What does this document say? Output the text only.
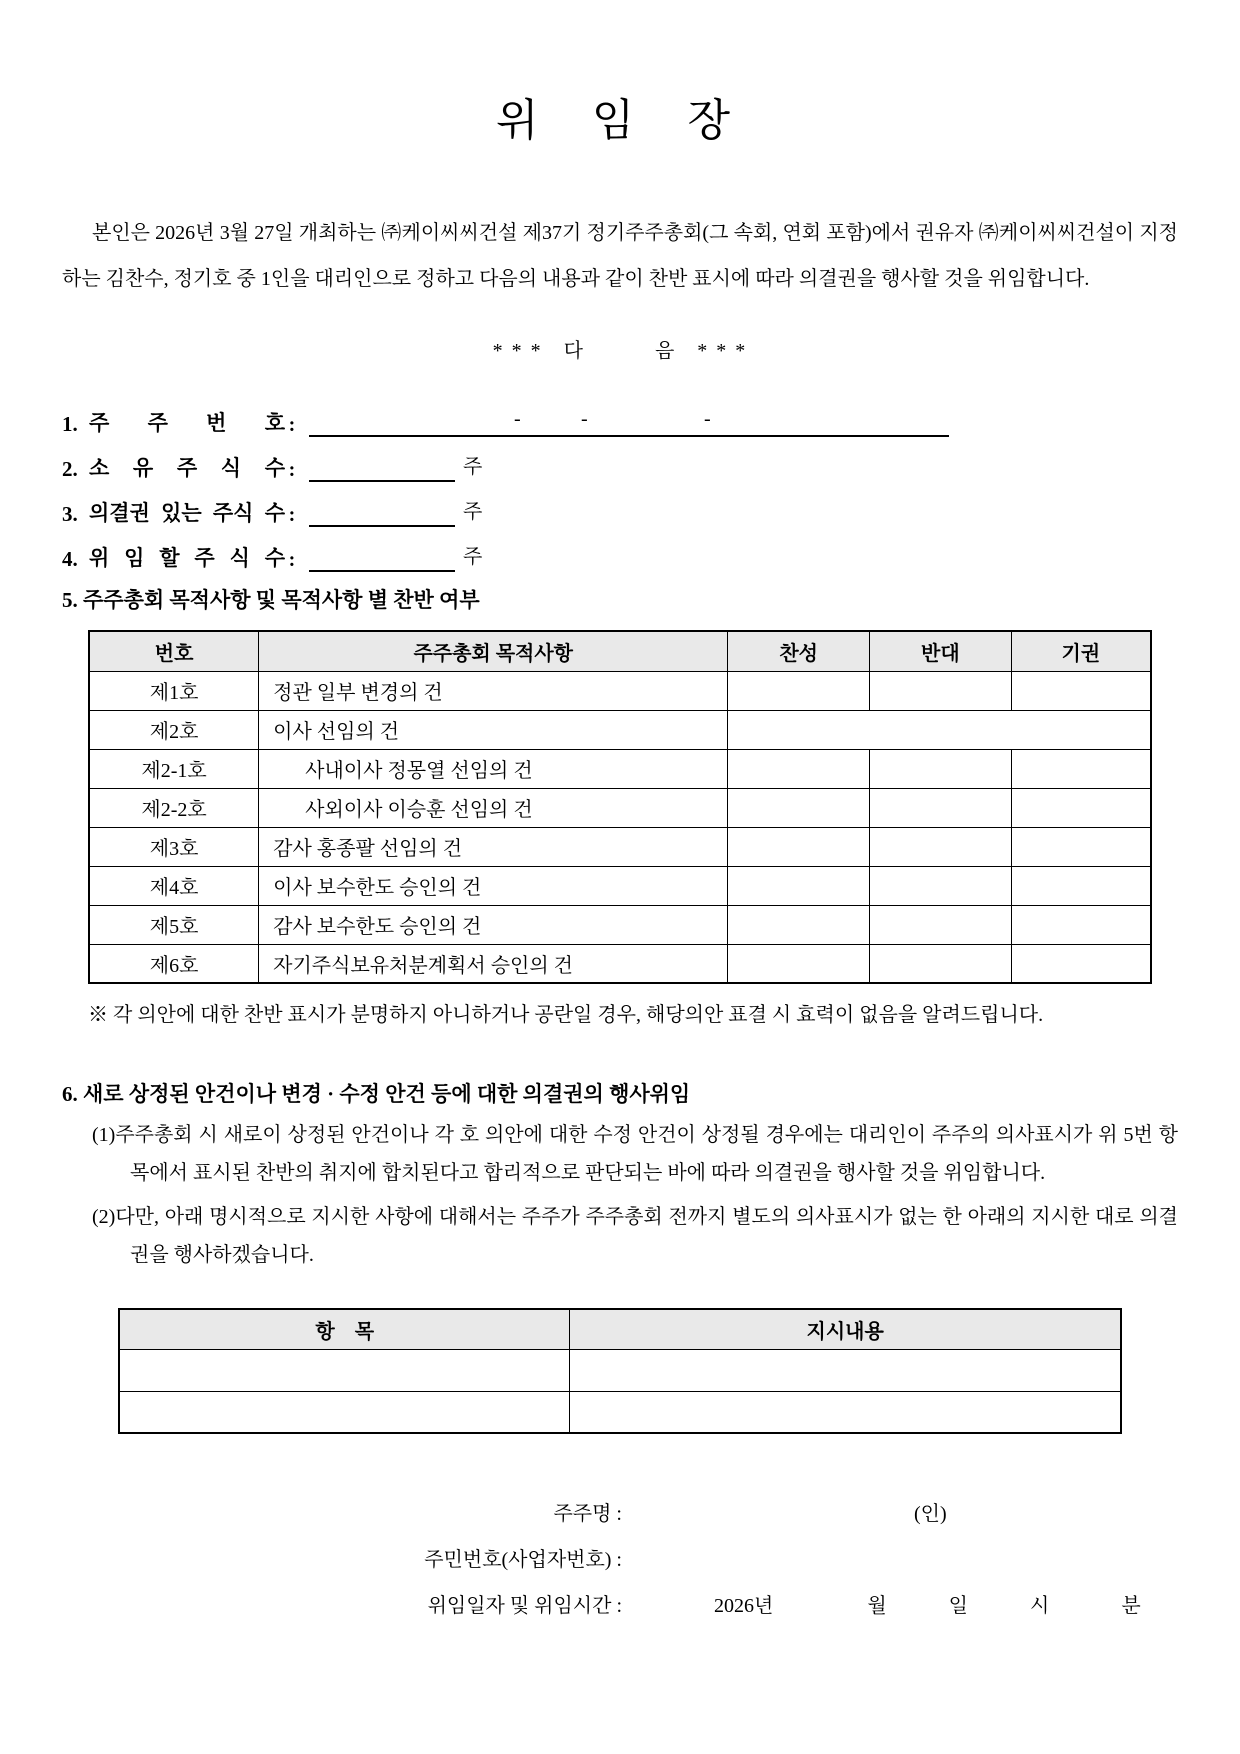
위 임 장

본인은 2026년 3월 27일 개최하는 ㈜케이씨씨건설 제37기 정기주주총회(그 속회, 연회 포함)에서 권유자 ㈜케이씨씨건설이 지정하는 김찬수, 정기호 중 1인을 대리인으로 정하고 다음의 내용과 같이 찬반 표시에 따라 의결권을 행사할 것을 위임합니다.

* * *   다          음   * * *
1. 주 주 번 호 :	-	-	-
2. 소 유 주 식 수 :	주
3. 의결권 있는 주식 수 :	주
4. 위 임 할 주 식 수 :	주
5. 주주총회 목적사항 및 목적사항 별 찬반 여부
번호	주주총회 목적사항	찬성	반대	기권
제1호	정관 일부 변경의 건			
제2호	이사 선임의 건			
제2-1호	사내이사 정몽열 선임의 건			
제2-2호	사외이사 이승훈 선임의 건			
제3호	감사 홍종팔 선임의 건			
제4호	이사 보수한도 승인의 건			
제5호	감사 보수한도 승인의 건			
제6호	자기주식보유처분계획서 승인의 건			
※ 각 의안에 대한 찬반 표시가 분명하지 아니하거나 공란일 경우, 해당의안 표결 시 효력이 없음을 알려드립니다.
6. 새로 상정된 안건이나 변경 · 수정 안건 등에 대한 의결권의 행사위임
(1)주주총회 시 새로이 상정된 안건이나 각 호 의안에 대한 수정 안건이 상정될 경우에는 대리인이 주주의 의사표시가 위 5번 항목에서 표시된 찬반의 취지에 합치된다고 합리적으로 판단되는 바에 따라 의결권을 행사할 것을 위임합니다.
(2)다만, 아래 명시적으로 지시한 사항에 대해서는 주주가 주주총회 전까지 별도의 의사표시가 없는 한 아래의 지시한 대로 의결권을 행사하겠습니다.
항    목	지시내용

주주명 :	(인)
주민번호(사업자번호) :
위임일자 및 위임시간 :	2026년	월	일	시	분
